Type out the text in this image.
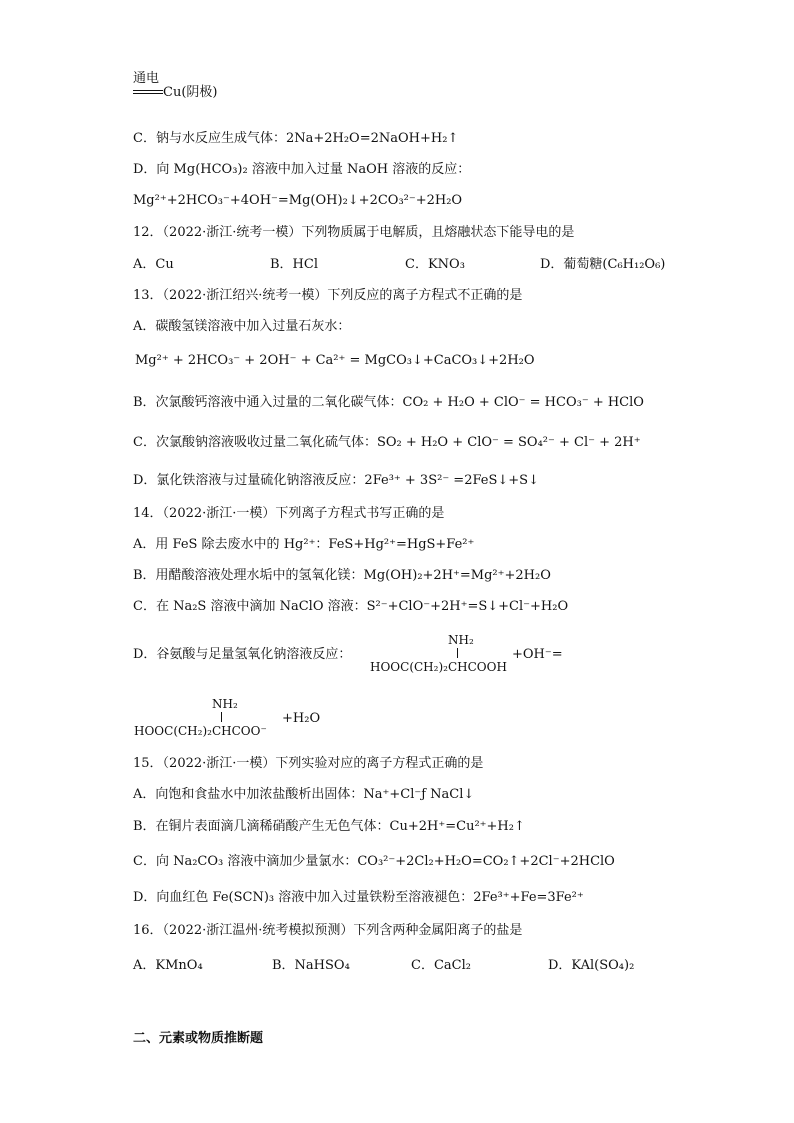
通电
Cu(阴极)
C．钠与水反应生成气体：2Na+2H₂O=2NaOH+H₂↑
D．向 Mg(HCO₃)₂ 溶液中加入过量 NaOH 溶液的反应：
Mg²⁺+2HCO₃⁻+4OH⁻=Mg(OH)₂↓+2CO₃²⁻+2H₂O
12．（2022·浙江·统考一模）下列物质属于电解质，且熔融状态下能导电的是
A．Cu	B．HCl	C．KNO₃	D．葡萄糖(C₆H₁₂O₆)
13．（2022·浙江绍兴·统考一模）下列反应的离子方程式不正确的是
A．碳酸氢镁溶液中加入过量石灰水：
Mg²⁺ + 2HCO₃⁻ + 2OH⁻ + Ca²⁺ = MgCO₃↓+CaCO₃↓+2H₂O
B．次氯酸钙溶液中通入过量的二氧化碳气体：CO₂ + H₂O + ClO⁻ = HCO₃⁻ + HClO
C．次氯酸钠溶液吸收过量二氧化硫气体：SO₂ + H₂O + ClO⁻ = SO₄²⁻ + Cl⁻ + 2H⁺
D．氯化铁溶液与过量硫化钠溶液反应：2Fe³⁺ + 3S²⁻ =2FeS↓+S↓
14．（2022·浙江·一模）下列离子方程式书写正确的是
A．用 FeS 除去废水中的 Hg²⁺：FeS+Hg²⁺=HgS+Fe²⁺
B．用醋酸溶液处理水垢中的氢氧化镁：Mg(OH)₂+2H⁺=Mg²⁺+2H₂O
C．在 Na₂S 溶液中滴加 NaClO 溶液：S²⁻+ClO⁻+2H⁺=S↓+Cl⁻+H₂O
D．谷氨酸与足量氢氧化钠溶液反应：
NH₂
HOOC(CH₂)₂CHCOOH
+OH⁻=
NH₂
HOOC(CH₂)₂CHCOO⁻
+H₂O
15．（2022·浙江·一模）下列实验对应的离子方程式正确的是
A．向饱和食盐水中加浓盐酸析出固体：Na⁺+Cl⁻ƒ NaCl↓
B．在铜片表面滴几滴稀硝酸产生无色气体：Cu+2H⁺=Cu²⁺+H₂↑
C．向 Na₂CO₃ 溶液中滴加少量氯水：CO₃²⁻+2Cl₂+H₂O=CO₂↑+2Cl⁻+2HClO
D．向血红色 Fe(SCN)₃ 溶液中加入过量铁粉至溶液褪色：2Fe³⁺+Fe=3Fe²⁺
16．（2022·浙江温州·统考模拟预测）下列含两种金属阳离子的盐是
A．KMnO₄	B．NaHSO₄	C．CaCl₂	D．KAl(SO₄)₂
二、元素或物质推断题
